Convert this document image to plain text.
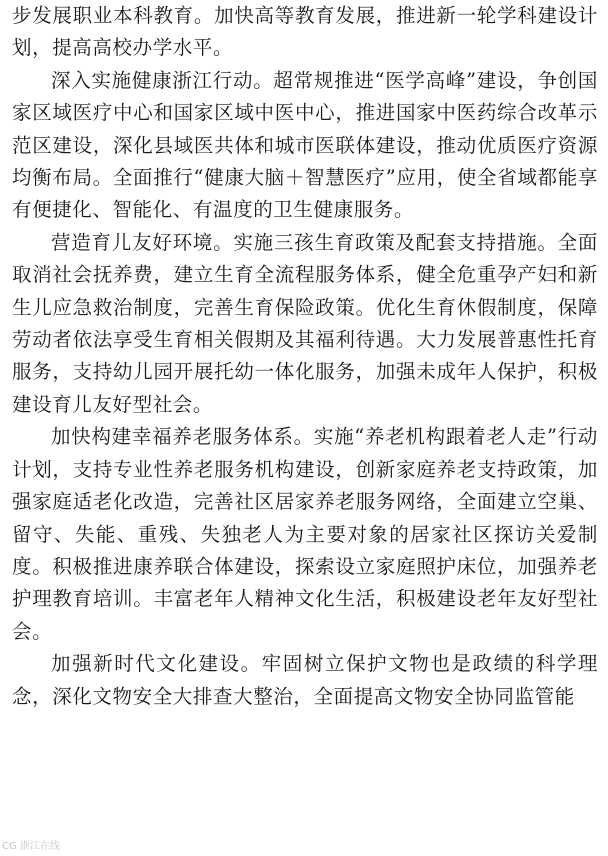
步发展职业本科教育。加快高等教育发展，推进新一轮学科建设计划，提高高校办学水平。

深入实施健康浙江行动。超常规推进“医学高峰”建设，争创国家区域医疗中心和国家区域中医中心，推进国家中医药综合改革示范区建设，深化县域医共体和城市医联体建设，推动优质医疗资源均衡布局。全面推行“健康大脑＋智慧医疗”应用，使全省域都能享有便捷化、智能化、有温度的卫生健康服务。

营造育儿友好环境。实施三孩生育政策及配套支持措施。全面取消社会抚养费，建立生育全流程服务体系，健全危重孕产妇和新生儿应急救治制度，完善生育保险政策。优化生育休假制度，保障劳动者依法享受生育相关假期及其福利待遇。大力发展普惠性托育服务，支持幼儿园开展托幼一体化服务，加强未成年人保护，积极建设育儿友好型社会。

加快构建幸福养老服务体系。实施“养老机构跟着老人走”行动计划，支持专业性养老服务机构建设，创新家庭养老支持政策，加强家庭适老化改造，完善社区居家养老服务网络，全面建立空巢、留守、失能、重残、失独老人为主要对象的居家社区探访关爱制度。积极推进康养联合体建设，探索设立家庭照护床位，加强养老护理教育培训。丰富老年人精神文化生活，积极建设老年友好型社会。

加强新时代文化建设。牢固树立保护文物也是政绩的科学理念，深化文物安全大排查大整治，全面提高文物安全协同监管能

CG 浙江在线
